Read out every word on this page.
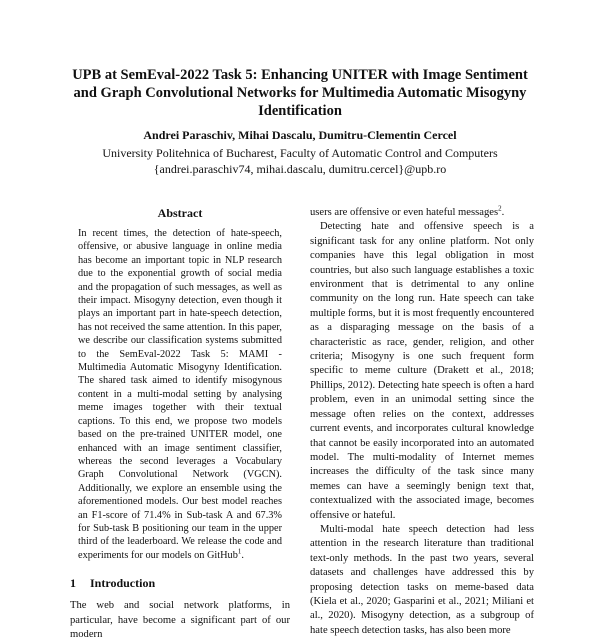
UPB at SemEval-2022 Task 5: Enhancing UNITER with Image Sentiment and Graph Convolutional Networks for Multimedia Automatic Misogyny Identification
Andrei Paraschiv, Mihai Dascalu, Dumitru-Clementin Cercel
University Politehnica of Bucharest, Faculty of Automatic Control and Computers
{andrei.paraschiv74, mihai.dascalu, dumitru.cercel}@upb.ro
Abstract
In recent times, the detection of hate-speech, offensive, or abusive language in online media has become an important topic in NLP research due to the exponential growth of social media and the propagation of such messages, as well as their impact. Misogyny detection, even though it plays an important part in hate-speech detection, has not received the same attention. In this paper, we describe our classification systems submitted to the SemEval-2022 Task 5: MAMI - Multimedia Automatic Misogyny Identification. The shared task aimed to identify misogynous content in a multi-modal setting by analysing meme images together with their textual captions. To this end, we propose two models based on the pre-trained UNITER model, one enhanced with an image sentiment classifier, whereas the second leverages a Vocabulary Graph Convolutional Network (VGCN). Additionally, we explore an ensemble using the aforementioned models. Our best model reaches an F1-score of 71.4% in Sub-task A and 67.3% for Sub-task B positioning our team in the upper third of the leaderboard. We release the code and experiments for our models on GitHub$^1$.
1 Introduction
The web and social network platforms, in particular, have become a significant part of our modern

users are offensive or even hateful messages$^2$.

Detecting hate and offensive speech is a significant task for any online platform. Not only companies have this legal obligation in most countries, but also such language establishes a toxic environment that is detrimental to any online community on the long run. Hate speech can take multiple forms, but it is most frequently encountered as a disparaging message on the basis of a characteristic as race, gender, religion, and other criteria; Misogyny is one such frequent form specific to meme culture (Drakett et al., 2018; Phillips, 2012). Detecting hate speech is often a hard problem, even in an unimodal setting since the message often relies on the context, addresses current events, and incorporates cultural knowledge that cannot be easily incorporated into an automated model. The multi-modality of Internet memes increases the difficulty of the task since many memes can have a seemingly benign text that, contextualized with the associated image, becomes offensive or hateful.

Multi-modal hate speech detection had less attention in the research literature than traditional text-only methods. In the past two years, several datasets and challenges have addressed this by proposing detection tasks on meme-based data (Kiela et al., 2020; Gasparini et al., 2021; Miliani et al., 2020). Misogyny detection, as a subgroup of hate speech detection tasks, has also been more
